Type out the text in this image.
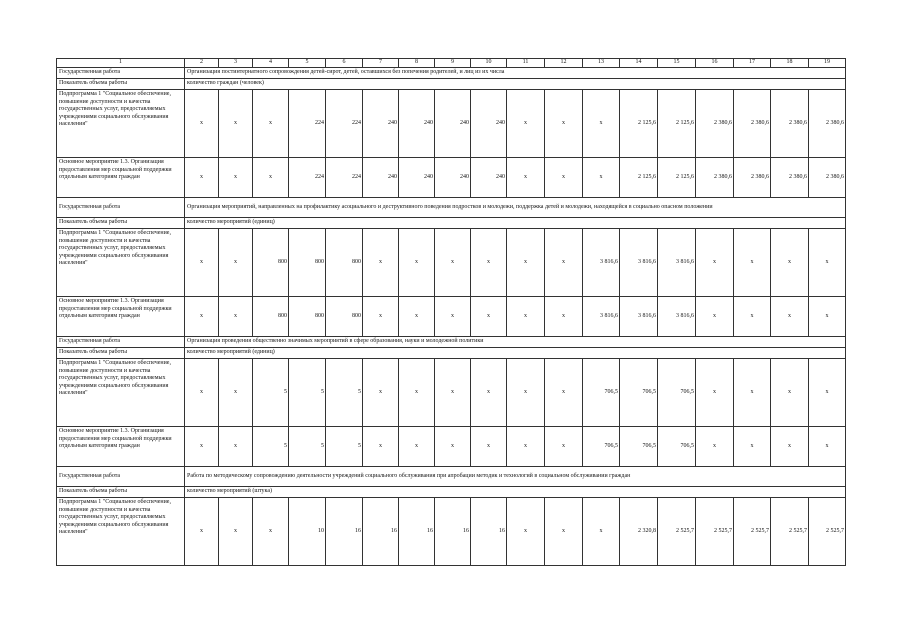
1	2	3	4	5	6	7	8	9	10	11	12	13	14	15	16	17	18	19
Государственная работа	Организация постинтернатного сопровождения детей-сирот, детей, оставшихся без попечения родителей, и лиц из их числа																	
Показатель объема работы	количество граждан (человек)																	
Подпрограмма 1 "Социальное обеспечение, повышение доступности и качества государственных услуг, предоставляемых учреждениями социального обслуживания населения"	x	x	x	224	224	240	240	240	240	x	x	x	2 125,6	2 125,6	2 380,6	2 380,6	2 380,6	2 380,6
Основное мероприятие 1.3. Организация предоставления мер социальной поддержки отдельным категориям граждан	x	x	x	224	224	240	240	240	240	x	x	x	2 125,6	2 125,6	2 380,6	2 380,6	2 380,6	2 380,6
Государственная работа	Организация мероприятий, направленных на профилактику асоциального и деструктивного поведения подростков и молодежи, поддержка детей и молодежи, находящейся в социально опасном положении																	
Показатель объема работы	количество мероприятий (единиц)																	
Подпрограмма 1 "Социальное обеспечение, повышение доступности и качества государственных услуг, предоставляемых учреждениями социального обслуживания населения"	x	x	800	800	800	x	x	x	x	x	x	3 816,6	3 816,6	3 816,6	x	x	x	x
Основное мероприятие 1.3. Организация предоставления мер социальной поддержки отдельным категориям граждан	x	x	800	800	800	x	x	x	x	x	x	3 816,6	3 816,6	3 816,6	x	x	x	x
Государственная работа	Организация проведения общественно значимых мероприятий в сфере образования, науки и молодежной политики																	
Показатель объема работы	количество мероприятий (единиц)																	
Подпрограмма 1 "Социальное обеспечение, повышение доступности и качества государственных услуг, предоставляемых учреждениями социального обслуживания населения"	x	x	5	5	5	x	x	x	x	x	x	706,5	706,5	706,5	x	x	x	x
Основное мероприятие 1.3. Организация предоставления мер социальной поддержки отдельным категориям граждан	x	x	5	5	5	x	x	x	x	x	x	706,5	706,5	706,5	x	x	x	x
Государственная работа	Работа по методическому сопровождению деятельности учреждений социального обслуживания при апробации методик и технологий в социальном обслуживании граждан																	
Показатель объема работы	количество мероприятий (штука)																	
Подпрограмма 1 "Социальное обеспечение, повышение доступности и качества государственных услуг, предоставляемых учреждениями социального обслуживания населения"	x	x	x	10	16	16	16	16	16	x	x	x	2 320,8	2 525,7	2 525,7	2 525,7	2 525,7	2 525,7
